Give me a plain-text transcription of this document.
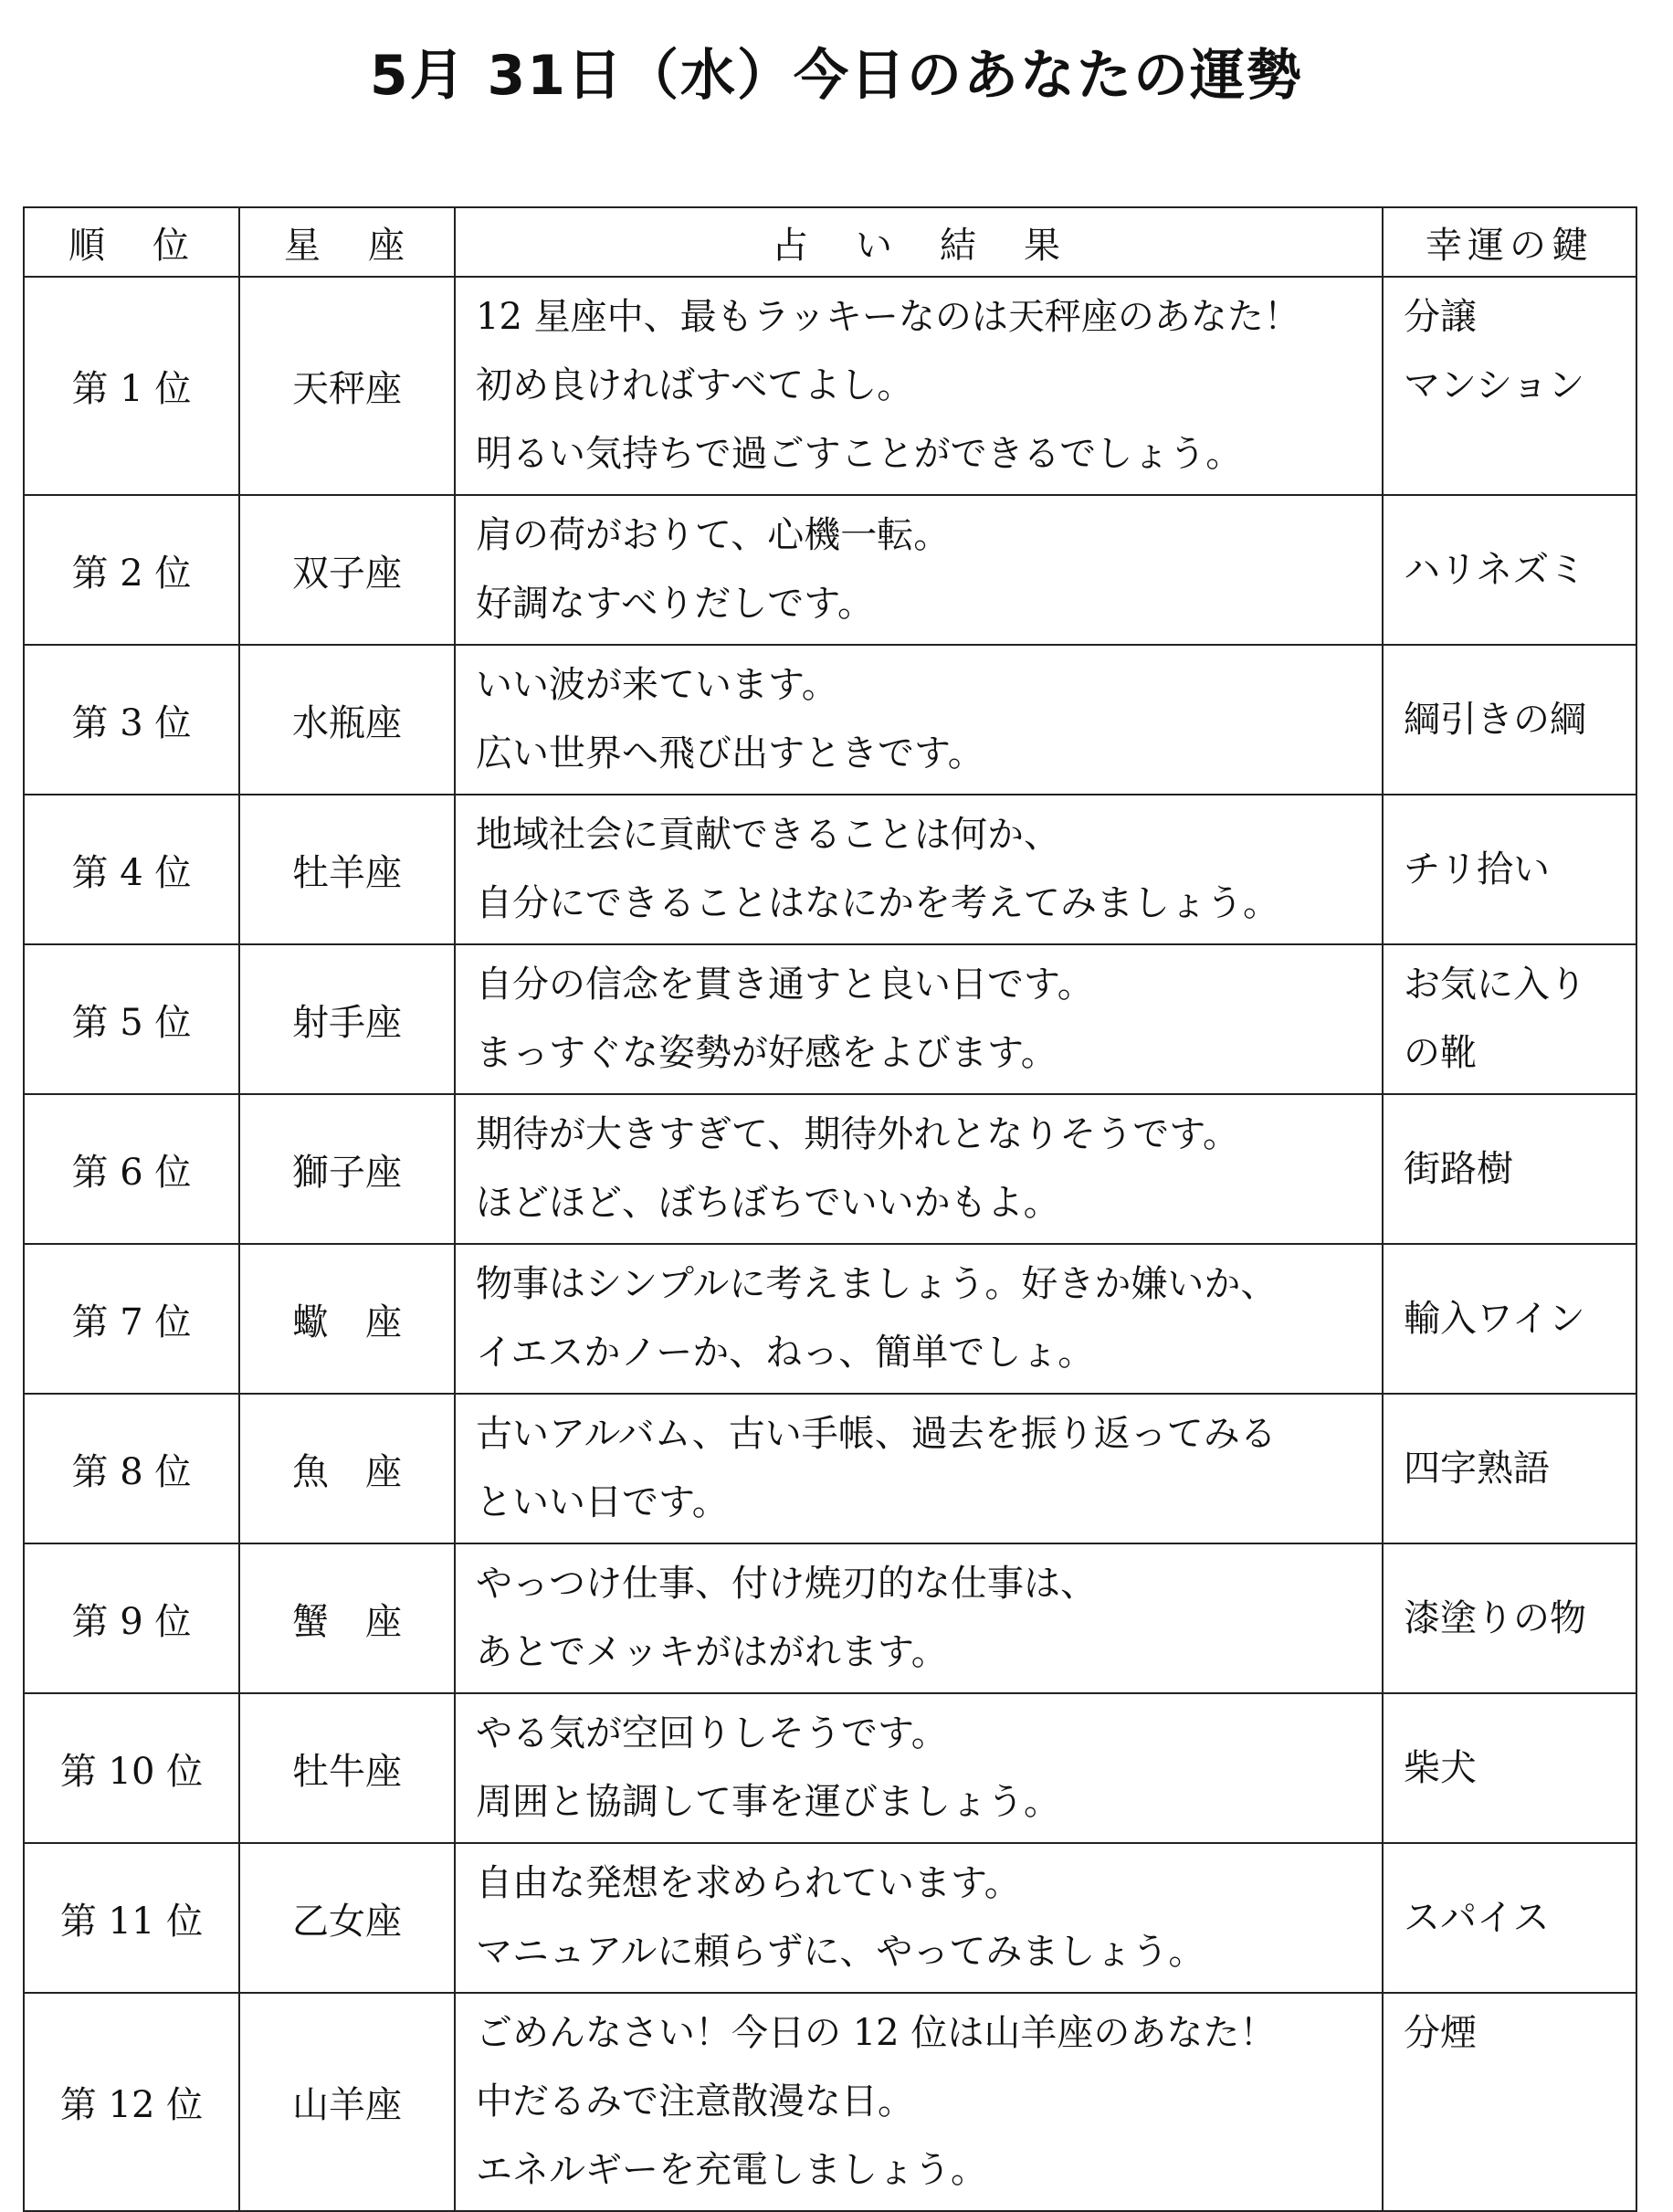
5月 31日（水）今日のあなたの運勢
順　位	星　座	占　い　結　果	幸運の鍵
第 1 位	天秤座	12 星座中、最もラッキーなのは天秤座のあなた！
初め良ければすべてよし。
明るい気持ちで過ごすことができるでしょう。	分譲
マンション

第 2 位	双子座	肩の荷がおりて、心機一転。
好調なすべりだしです。	ハリネズミ

第 3 位	水瓶座	いい波が来ています。
広い世界へ飛び出すときです。	綱引きの綱

第 4 位	牡羊座	地域社会に貢献できることは何か、
自分にできることはなにかを考えてみましょう。	チリ拾い

第 5 位	射手座	自分の信念を貫き通すと良い日です。
まっすぐな姿勢が好感をよびます。	お気に入り
の靴

第 6 位	獅子座	期待が大きすぎて、期待外れとなりそうです。
ほどほど、ぼちぼちでいいかもよ。	街路樹

第 7 位	蠍　座	物事はシンプルに考えましょう。好きか嫌いか、
イエスかノーか、ねっ、簡単でしょ。	輸入ワイン

第 8 位	魚　座	古いアルバム、古い手帳、過去を振り返ってみる
といい日です。	四字熟語

第 9 位	蟹　座	やっつけ仕事、付け焼刃的な仕事は、
あとでメッキがはがれます。	漆塗りの物

第 10 位	牡牛座	やる気が空回りしそうです。
周囲と協調して事を運びましょう。	柴犬

第 11 位	乙女座	自由な発想を求められています。
マニュアルに頼らずに、やってみましょう。	スパイス

第 12 位	山羊座	ごめんなさい！今日の 12 位は山羊座のあなた！
中だるみで注意散漫な日。
エネルギーを充電しましょう。	分煙
